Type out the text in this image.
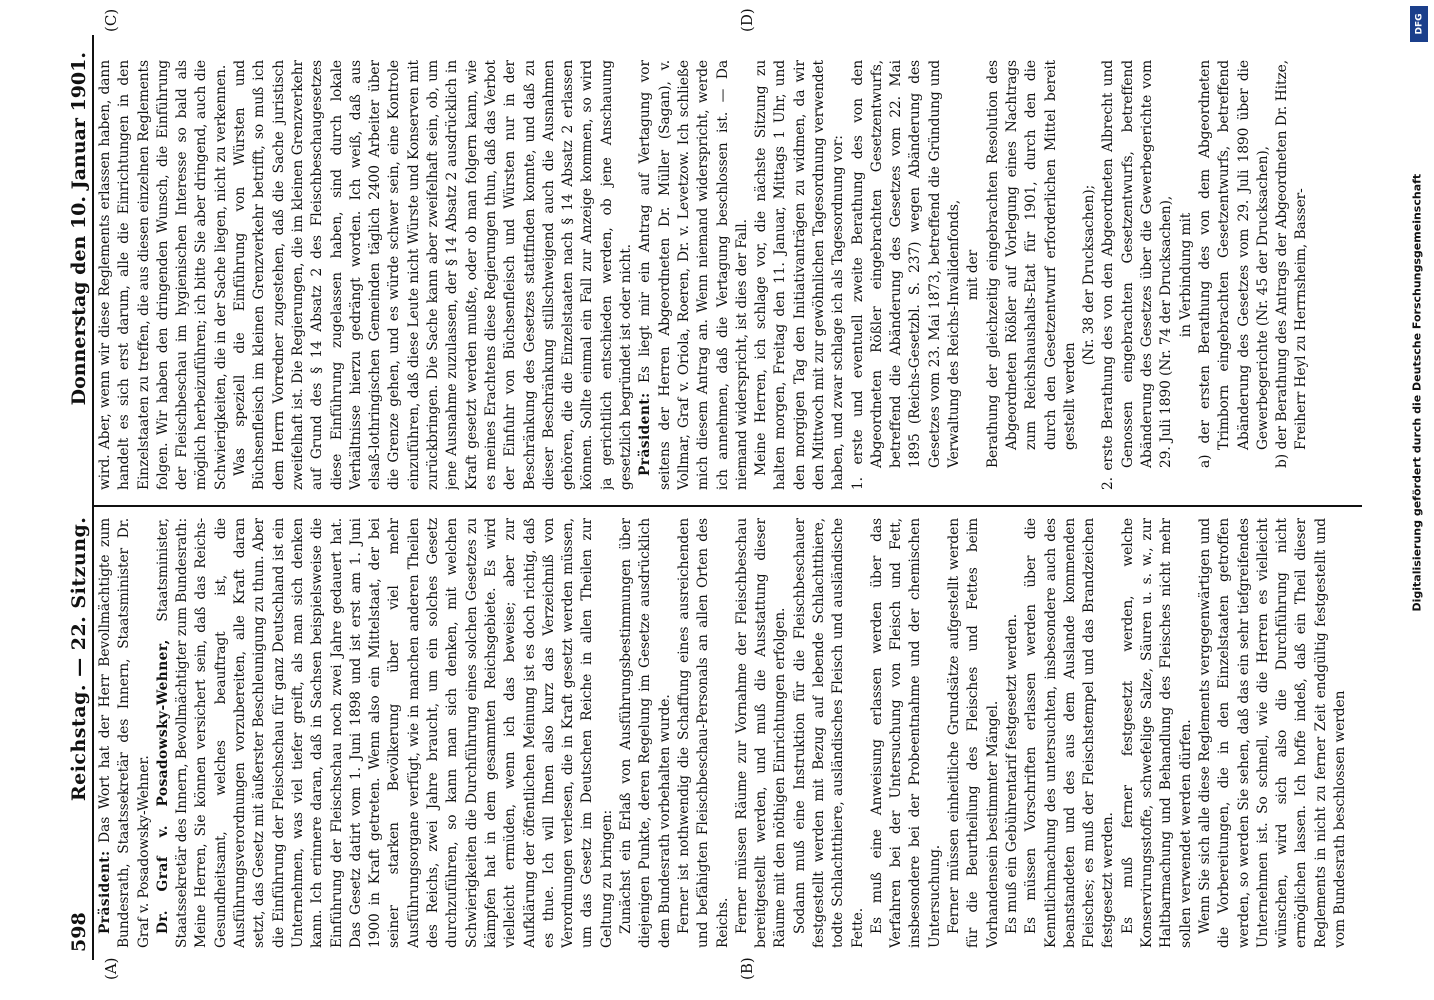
598
Reichstag. — 22. Sitzung.
Donnerstag den 10. Januar 1901.
(A)	(B)
(C)	(D)

Präsident: Das Wort hat der Herr Bevollmächtigte zum Bundesrath, Staatssekretär des Innern, Staatsminister Dr. Graf v. Posadowsky-Wehner. Dr. Graf v. Posadowsky-Wehner, Staatsminister, Staatssekretär des Innern, Bevollmächtigter zum Bundesrath: Meine Herren, Sie können versichert sein, daß das Reichs-Gesundheitsamt, welches beauftragt ist, die Ausführungsverordnungen vorzubereiten, alle Kraft daran setzt, das Gesetz mit äußerster Beschleunigung zu thun. Aber die Einführung der Fleischschau für ganz Deutschland ist ein Unternehmen, was viel tiefer greift, als man sich denken kann. Ich erinnere daran, daß in Sachsen beispielsweise die Einführung der Fleischschau noch zwei Jahre gedauert hat. Das Gesetz datirt vom 1. Juni 1898 und ist erst am 1. Juni 1900 in Kraft getreten. Wenn also ein Mittelstaat, der bei seiner starken Bevölkerung über viel mehr Ausführungsorgane verfügt, wie in manchen anderen Theilen des Reichs, zwei Jahre braucht, um ein solches Gesetz durchzuführen, so kann man sich denken, mit welchen Schwierigkeiten die Durchführung eines solchen Gesetzes zu kämpfen hat in dem gesammten Reichsgebiete. Es wird vielleicht ermüden, wenn ich das beweise; aber zur Aufklärung der öffentlichen Meinung ist es doch richtig, daß es thue. Ich will Ihnen also kurz das Verzeichniß von Verordnungen verlesen, die in Kraft gesetzt werden müssen, um das Gesetz im Deutschen Reiche in allen Theilen zur Geltung zu bringen: Zunächst ein Erlaß von Ausführungsbestimmungen über diejenigen Punkte, deren Regelung im Gesetze ausdrücklich dem Bundesrath vorbehalten wurde. Ferner ist nothwendig die Schaffung eines ausreichenden und befähigten Fleischbeschau-Personals an allen Orten des Reichs. Ferner müssen Räume zur Vornahme der Fleischbeschau bereitgestellt werden, und muß die Ausstattung dieser Räume mit den nöthigen Einrichtungen erfolgen. Sodann muß eine Instruktion für die Fleischbeschauer festgestellt werden mit Bezug auf lebende Schlachtthiere, todte Schlachtthiere, ausländisches Fleisch und ausländische Fette. Es muß eine Anweisung erlassen werden über das Verfahren bei der Untersuchung von Fleisch und Fett, insbesondere bei der Probeentnahme und der chemischen Untersuchung. Ferner müssen einheitliche Grundsätze aufgestellt werden für die Beurtheilung des Fleisches und Fettes beim Vorhandensein bestimmter Mängel. Es muß ein Gebührentarif festgesetzt werden. Es müssen Vorschriften erlassen werden über die Kenntlichmachung des untersuchten, insbesondere auch des beanstandeten und des aus dem Auslande kommenden Fleisches; es muß der Fleischstempel und das Brandzeichen festgesetzt werden. Es muß ferner festgesetzt werden, welche Konservirungsstoffe, schwefelige Salze, Säuren u. s. w., zur Haltbarmachung und Behandlung des Fleisches nicht mehr sollen verwendet werden dürfen. Wenn Sie sich alle diese Reglements vergegenwärtigen und die Vorbereitungen, die in den Einzelstaaten getroffen werden, so werden Sie sehen, daß das ein sehr tiefgreifendes Unternehmen ist. So schnell, wie die Herren es vielleicht wünschen, wird sich also die Durchführung nicht ermöglichen lassen. Ich hoffe indeß, daß ein Theil dieser Reglements in nicht zu ferner Zeit endgültig festgestellt und vom Bundesrath beschlossen werden

wird. Aber, wenn wir diese Reglements erlassen haben, dann handelt es sich erst darum, alle die Einrichtungen in den Einzelstaaten zu treffen, die aus diesen einzelnen Reglements folgen. Wir haben den dringenden Wunsch, die Einführung der Fleischbeschau im hygienischen Interesse so bald als möglich herbeizuführen; ich bitte Sie aber dringend, auch die Schwierigkeiten, die in der Sache liegen, nicht zu verkennen. Was speziell die Einführung von Würsten und Büchsenfleisch im kleinen Grenzverkehr betrifft, so muß ich dem Herrn Vorredner zugestehen, daß die Sache juristisch zweifelhaft ist. Die Regierungen, die im kleinen Grenzverkehr auf Grund des § 14 Absatz 2 des Fleischbeschaugesetzes diese Einführung zugelassen haben, sind durch lokale Verhältnisse hierzu gedrängt worden. Ich weiß, daß aus elsaß-lothringischen Gemeinden täglich 2400 Arbeiter über die Grenze gehen, und es würde schwer sein, eine Kontrole einzuführen, daß diese Leute nicht Würste und Konserven mit zurückbringen. Die Sache kann aber zweifelhaft sein, ob, um jene Ausnahme zuzulassen, der § 14 Absatz 2 ausdrücklich in Kraft gesetzt werden mußte, oder ob man folgern kann, wie es meines Erachtens diese Regierungen thun, daß das Verbot der Einfuhr von Büchsenfleisch und Würsten nur in der Beschränkung des Gesetzes stattfinden konnte, und daß zu dieser Beschränkung stillschweigend auch die Ausnahmen gehören, die die Einzelstaaten nach § 14 Absatz 2 erlassen können. Sollte einmal ein Fall zur Anzeige kommen, so wird ja gerichtlich entschieden werden, ob jene Anschauung gesetzlich begründet ist oder nicht. Präsident: Es liegt mir ein Antrag auf Vertagung vor seitens der Herren Abgeordneten Dr. Müller (Sagan), v. Vollmar, Graf v. Oriola, Roeren, Dr. v. Levetzow. Ich schließe mich diesem Antrag an. Wenn niemand widerspricht, werde ich annehmen, daß die Vertagung beschlossen ist. — Da niemand widerspricht, ist dies der Fall. Meine Herren, ich schlage vor, die nächste Sitzung zu halten morgen, Freitag den 11. Januar, Mittags 1 Uhr, und den morgigen Tag den Initiativanträgen zu widmen, da wir den Mittwoch mit zur gewöhnlichen Tagesordnung verwendet haben, und zwar schlage ich als Tagesordnung vor: 1. erste und eventuell zweite Berathung des von den Abgeordneten Rößler eingebrachten Gesetzentwurfs, betreffend die Abänderung des Gesetzes vom 22. Mai 1895 (Reichs-Gesetzbl. S. 237) wegen Abänderung des Gesetzes vom 23. Mai 1873, betreffend die Gründung und Verwaltung des Reichs-Invalidenfonds, mit der Berathung der gleichzeitig eingebrachten Resolution des Abgeordneten Rößler auf Vorlegung eines Nachtrags zum Reichshaushalts-Etat für 1901, durch den die durch den Gesetzentwurf erforderlichen Mittel bereit gestellt werden

(Nr. 38 der Drucksachen); 2. erste Berathung des von den Abgeordneten Albrecht und Genossen eingebrachten Gesetzentwurfs, betreffend Abänderung des Gesetzes über die Gewerbegerichte vom 29. Juli 1890 (Nr. 74 der Drucksachen), in Verbindung mit a) der ersten Berathung des von dem Abgeordneten Trimborn eingebrachten Gesetzentwurfs, betreffend Abänderung des Gesetzes vom 29. Juli 1890 über die Gewerbegerichte (Nr. 45 der Drucksachen), b) der Berathung des Antrags der Abgeordneten Dr. Hitze, Freiherr Heyl zu Herrnsheim, Basser-

DFG
Digitalisierung gefördert durch die Deutsche Forschungsgemeinschaft
